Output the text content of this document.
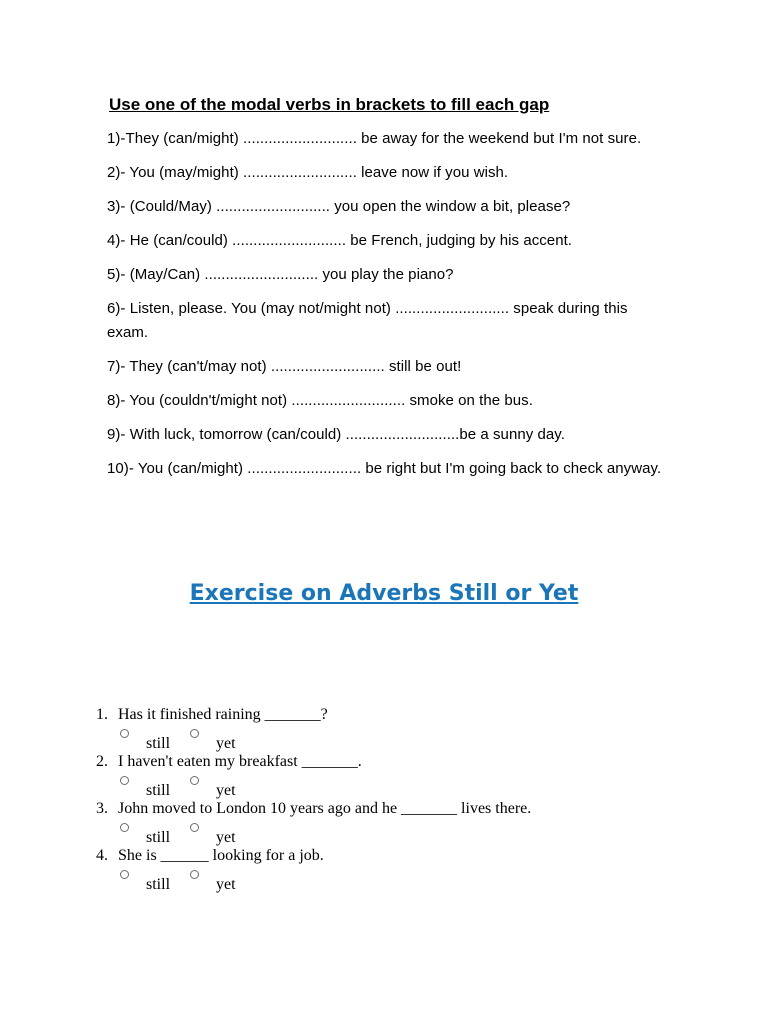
Use one of the modal verbs in brackets to fill each gap
1)-They (can/might) ........................... be away for the weekend but I'm not sure.
2)- You (may/might) ........................... leave now if you wish.
3)- (Could/May) ........................... you open the window a bit, please?
4)- He (can/could) ........................... be French, judging by his accent.
5)- (May/Can) ........................... you play the piano?
6)- Listen, please. You (may not/might not) ........................... speak during this exam.
7)- They (can't/may not) ........................... still be out!
8)- You (couldn't/might not) ........................... smoke on the bus.
9)- With luck, tomorrow (can/could) ...........................be a sunny day.
10)- You (can/might) ........................... be right but I'm going back to check anyway.
Exercise on Adverbs Still or Yet
1. Has it finished raining _______?
still	yet
2. I haven't eaten my breakfast _______.
still	yet
3. John moved to London 10 years ago and he _______ lives there.
still	yet
4. She is ______ looking for a job.
still	yet
